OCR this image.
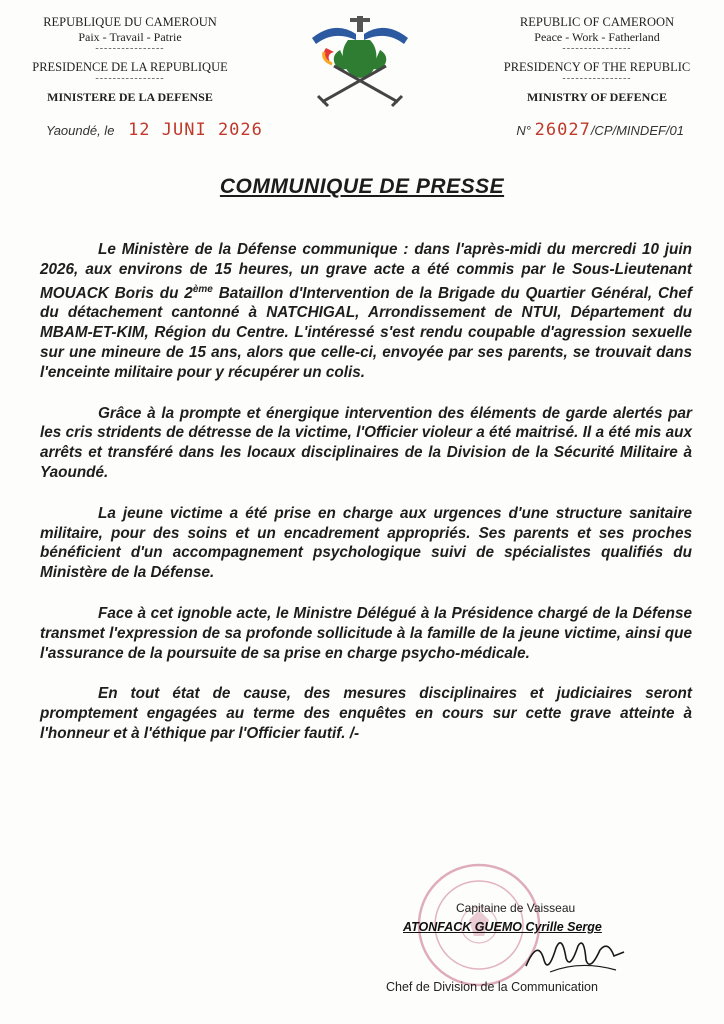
REPUBLIQUE DU CAMEROUN
Paix - Travail - Patrie
----------------
PRESIDENCE DE LA REPUBLIQUE
----------------
MINISTERE DE LA DEFENSE
REPUBLIC OF CAMEROON
Peace - Work - Fatherland
----------------
PRESIDENCY OF THE REPUBLIC
----------------
MINISTRY OF DEFENCE
Yaoundé, le 12 JUNI 2026	N° 26027/CP/MINDEF/01
COMMUNIQUE DE PRESSE

Le Ministère de la Défense communique : dans l'après-midi du mercredi 10 juin 2026, aux environs de 15 heures, un grave acte a été commis par le Sous-Lieutenant MOUACK Boris du 2ème Bataillon d'Intervention de la Brigade du Quartier Général, Chef du détachement cantonné à NATCHIGAL, Arrondissement de NTUI, Département du MBAM-ET-KIM, Région du Centre. L'intéressé s'est rendu coupable d'agression sexuelle sur une mineure de 15 ans, alors que celle-ci, envoyée par ses parents, se trouvait dans l'enceinte militaire pour y récupérer un colis.

Grâce à la prompte et énergique intervention des éléments de garde alertés par les cris stridents de détresse de la victime, l'Officier violeur a été maitrisé. Il a été mis aux arrêts et transféré dans les locaux disciplinaires de la Division de la Sécurité Militaire à Yaoundé.

La jeune victime a été prise en charge aux urgences d'une structure sanitaire militaire, pour des soins et un encadrement appropriés. Ses parents et ses proches bénéficient d'un accompagnement psychologique suivi de spécialistes qualifiés du Ministère de la Défense.

Face à cet ignoble acte, le Ministre Délégué à la Présidence chargé de la Défense transmet l'expression de sa profonde sollicitude à la famille de la jeune victime, ainsi que l'assurance de la poursuite de sa prise en charge psycho-médicale.

En tout état de cause, des mesures disciplinaires et judiciaires seront promptement engagées au terme des enquêtes en cours sur cette grave atteinte à l'honneur et à l'éthique par l'Officier fautif. /-

Capitaine de Vaisseau
ATONFACK GUEMO Cyrille Serge
Chef de Division de la Communication
